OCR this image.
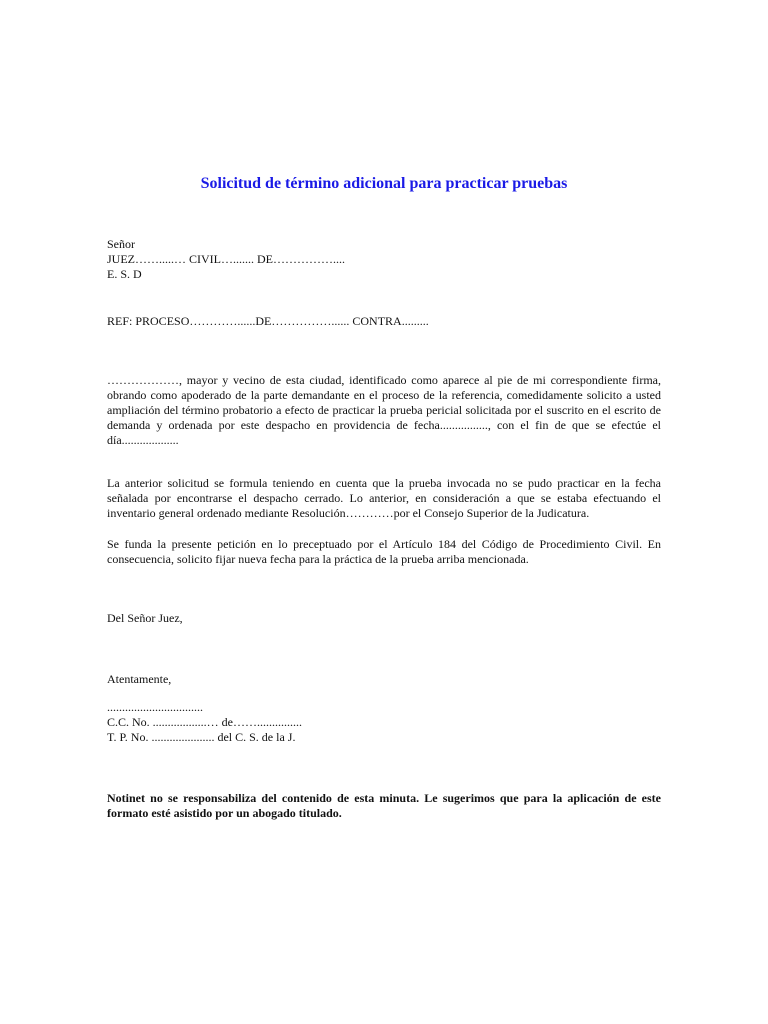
Solicitud de término adicional para practicar pruebas
Señor
JUEZ…….....… CIVIL…....... DE……………....
E. S. D
REF: PROCESO…………......DE……………...... CONTRA.........
………………, mayor y vecino de esta ciudad, identificado como aparece al pie de mi correspondiente firma, obrando como apoderado de la parte demandante en el proceso de la referencia, comedidamente solicito a usted ampliación del término probatorio a efecto de practicar la prueba pericial solicitada por el suscrito en el escrito de demanda y ordenada por este despacho en providencia de fecha................, con el fin de que se efectúe el día...................
La anterior solicitud se formula teniendo en cuenta que la prueba invocada no se pudo practicar en la fecha señalada por encontrarse el despacho cerrado. Lo anterior, en consideración a que se estaba efectuando el inventario general ordenado mediante Resolución…………por el Consejo Superior de la Judicatura.
Se funda la presente petición en lo preceptuado por el Artículo 184 del Código de Procedimiento Civil. En consecuencia, solicito fijar nueva fecha para la práctica de la prueba arriba mencionada.
Del Señor Juez,
Atentamente,
................................
C.C. No. ..................… de……...............
T. P. No. ..................... del C. S. de la J.
Notinet no se responsabiliza del contenido de esta minuta. Le sugerimos que para la aplicación de este formato esté asistido por un abogado titulado.
